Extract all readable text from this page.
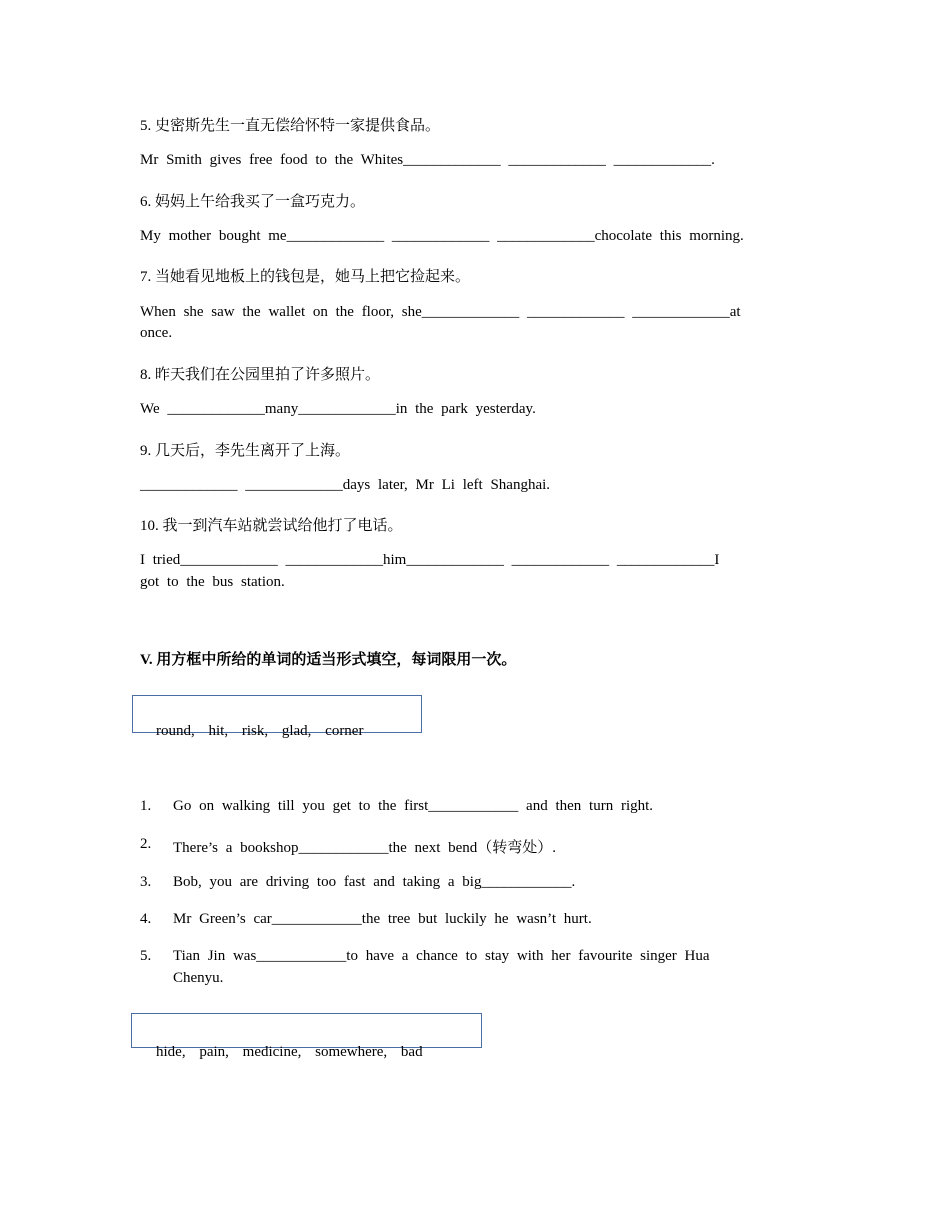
5. 史密斯先生一直无偿给怀特一家提供食品。
Mr Smith gives free food to the Whites_____________ _____________ _____________.
6. 妈妈上午给我买了一盒巧克力。
My mother bought me_____________ _____________ _____________chocolate this morning.
7. 当她看见地板上的钱包是，她马上把它捡起来。
When she saw the wallet on the floor, she_____________ _____________ _____________at
once.
8. 昨天我们在公园里拍了许多照片。
We _____________many_____________in the park yesterday.
9. 几天后，李先生离开了上海。
_____________ _____________days later, Mr Li left Shanghai.
10. 我一到汽车站就尝试给他打了电话。
I tried_____________ _____________him_____________ _____________ _____________I
got to the bus station.
V. 用方框中所给的单词的适当形式填空，每词限用一次。
round, hit, risk, glad, corner
1. Go on walking till you get to the first____________ and then turn right.
2. There’s a bookshop____________the next bend（转弯处）.
3. Bob, you are driving too fast and taking a big____________.
4. Mr Green’s car____________the tree but luckily he wasn’t hurt.
5. Tian Jin was____________to have a chance to stay with her favourite singer Hua
Chenyu.
hide, pain, medicine, somewhere, bad
